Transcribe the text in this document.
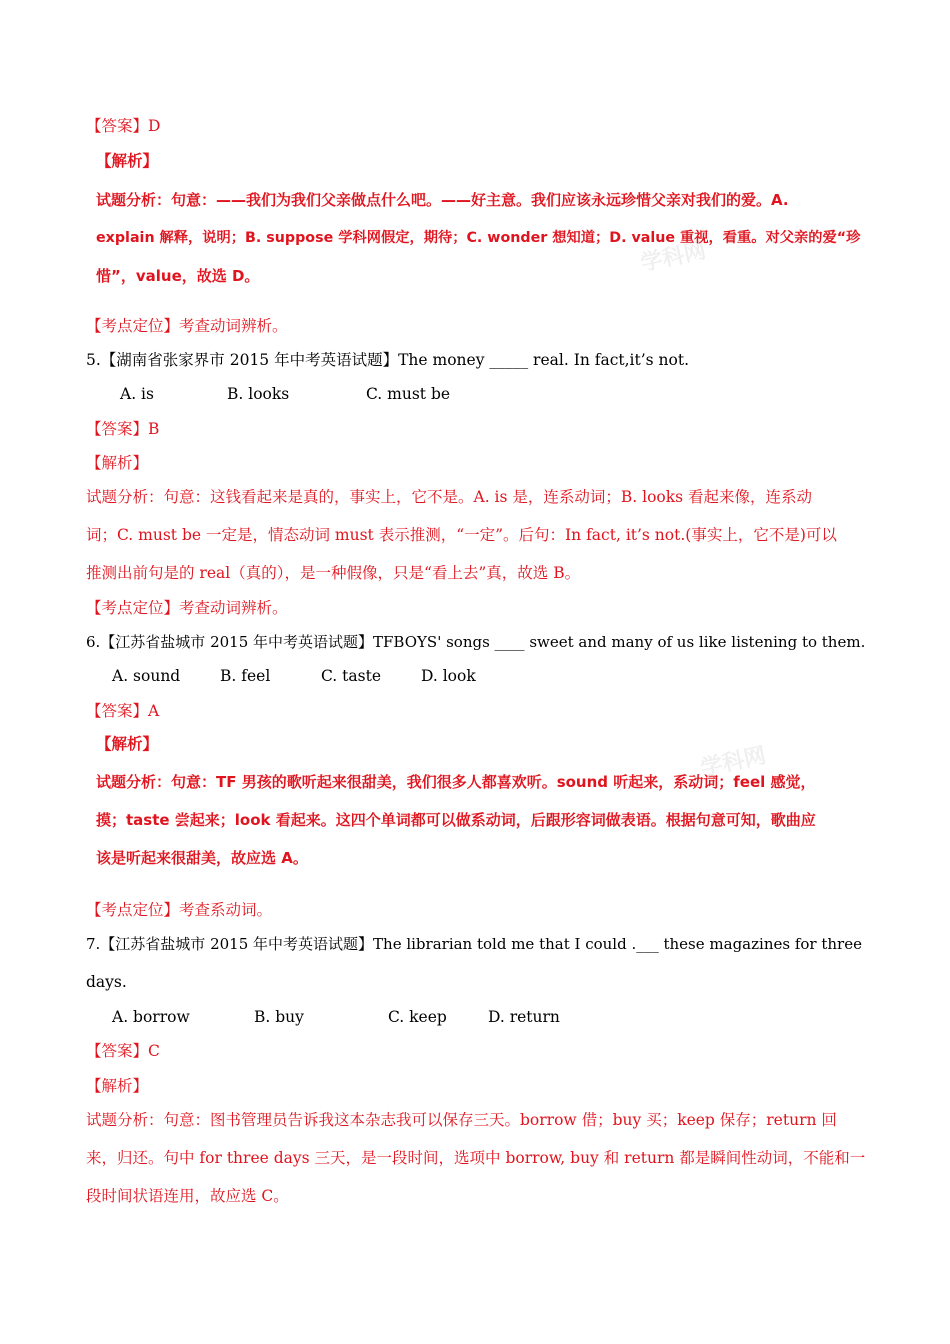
学科网
学科网
【答案】D
【解析】
试题分析：句意：——我们为我们父亲做点什么吧。——好主意。我们应该永远珍惜父亲对我们的爱。A.
explain 解释，说明；B. suppose 学科网假定，期待；C. wonder 想知道；D. value 重视，看重。对父亲的爱“珍
惜”，value，故选 D。
【考点定位】考查动词辨析。
5.【湖南省张家界市 2015 年中考英语试题】The money _____ real. In fact,it’s not.
A. is	B. looks	C. must be
【答案】B
【解析】
试题分析：句意：这钱看起来是真的，事实上，它不是。A. is 是，连系动词；B. looks 看起来像，连系动
词；C. must be 一定是，情态动词 must 表示推测，“一定”。后句：In fact, it’s not.(事实上，它不是)可以
推测出前句是的 real（真的），是一种假像，只是“看上去”真，故选 B。
【考点定位】考查动词辨析。
6.【江苏省盐城市 2015 年中考英语试题】TFBOYS' songs ____ sweet and many of us like listening to them.
A. sound	B. feel	C. taste	D. look
【答案】A
【解析】
试题分析：句意：TF 男孩的歌听起来很甜美，我们很多人都喜欢听。sound 听起来，系动词；feel 感觉，
摸；taste 尝起来；look 看起来。这四个单词都可以做系动词，后跟形容词做表语。根据句意可知，歌曲应
该是听起来很甜美，故应选 A。
【考点定位】考查系动词。
7.【江苏省盐城市 2015 年中考英语试题】The librarian told me that I could .___ these magazines for three
days.
A. borrow	B. buy	C. keep	D. return
【答案】C
【解析】
试题分析：句意：图书管理员告诉我这本杂志我可以保存三天。borrow 借；buy 买；keep 保存；return 回
来，归还。句中 for three days 三天，是一段时间，选项中 borrow, buy 和 return 都是瞬间性动词，不能和一
段时间状语连用，故应选 C。
